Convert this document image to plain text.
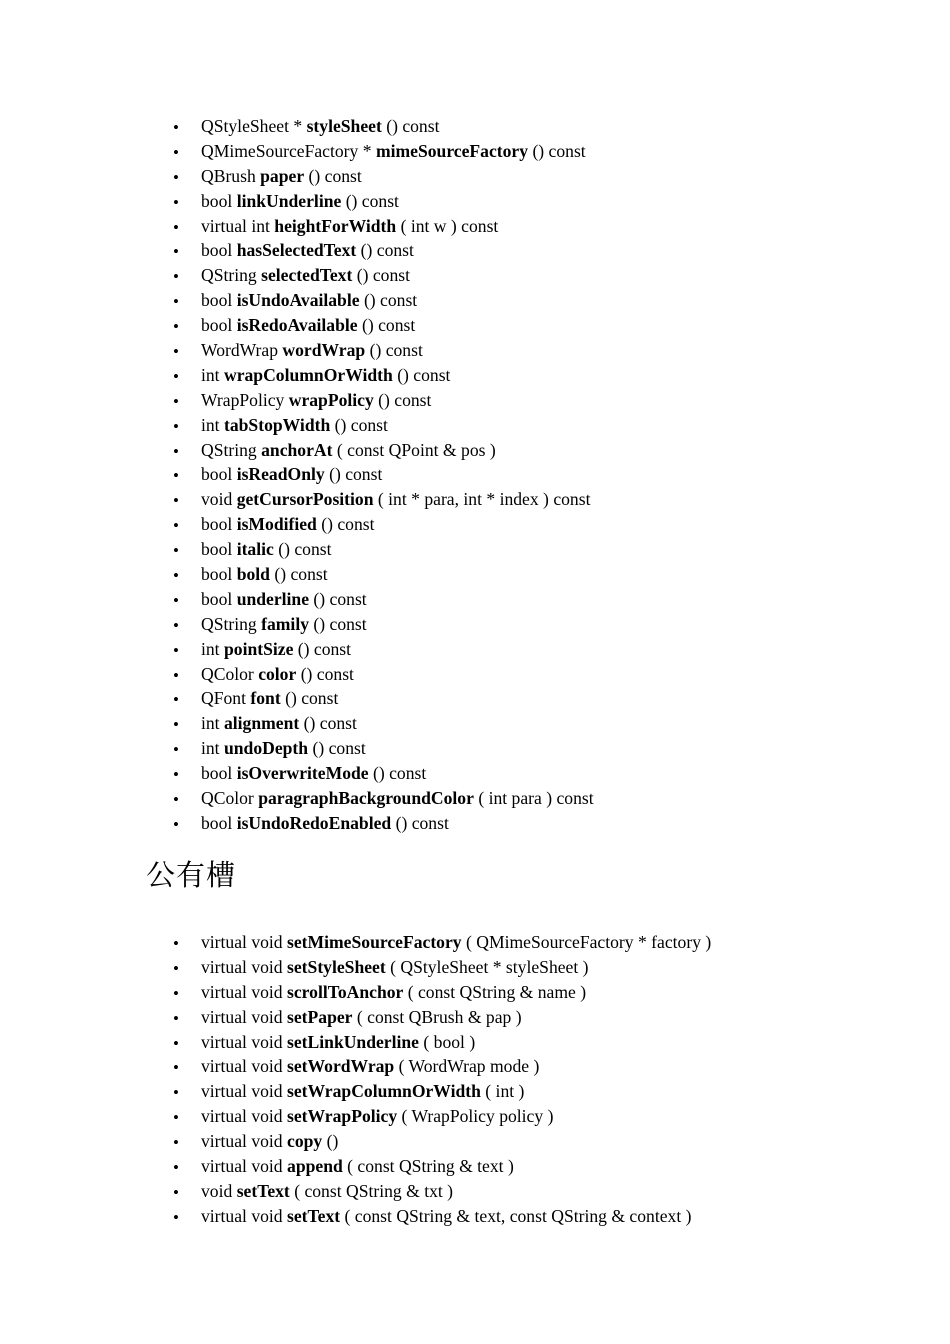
• QStyleSheet * styleSheet () const
• QMimeSourceFactory * mimeSourceFactory () const
• QBrush paper () const
• bool linkUnderline () const
• virtual int heightForWidth ( int w ) const
• bool hasSelectedText () const
• QString selectedText () const
• bool isUndoAvailable () const
• bool isRedoAvailable () const
• WordWrap wordWrap () const
• int wrapColumnOrWidth () const
• WrapPolicy wrapPolicy () const
• int tabStopWidth () const
• QString anchorAt ( const QPoint & pos )
• bool isReadOnly () const
• void getCursorPosition ( int * para, int * index ) const
• bool isModified () const
• bool italic () const
• bool bold () const
• bool underline () const
• QString family () const
• int pointSize () const
• QColor color () const
• QFont font () const
• int alignment () const
• int undoDepth () const
• bool isOverwriteMode () const
• QColor paragraphBackgroundColor ( int para ) const
• bool isUndoRedoEnabled () const
公有槽
• virtual void setMimeSourceFactory ( QMimeSourceFactory * factory )
• virtual void setStyleSheet ( QStyleSheet * styleSheet )
• virtual void scrollToAnchor ( const QString & name )
• virtual void setPaper ( const QBrush & pap )
• virtual void setLinkUnderline ( bool )
• virtual void setWordWrap ( WordWrap mode )
• virtual void setWrapColumnOrWidth ( int )
• virtual void setWrapPolicy ( WrapPolicy policy )
• virtual void copy ()
• virtual void append ( const QString & text )
• void setText ( const QString & txt )
• virtual void setText ( const QString & text, const QString & context )
